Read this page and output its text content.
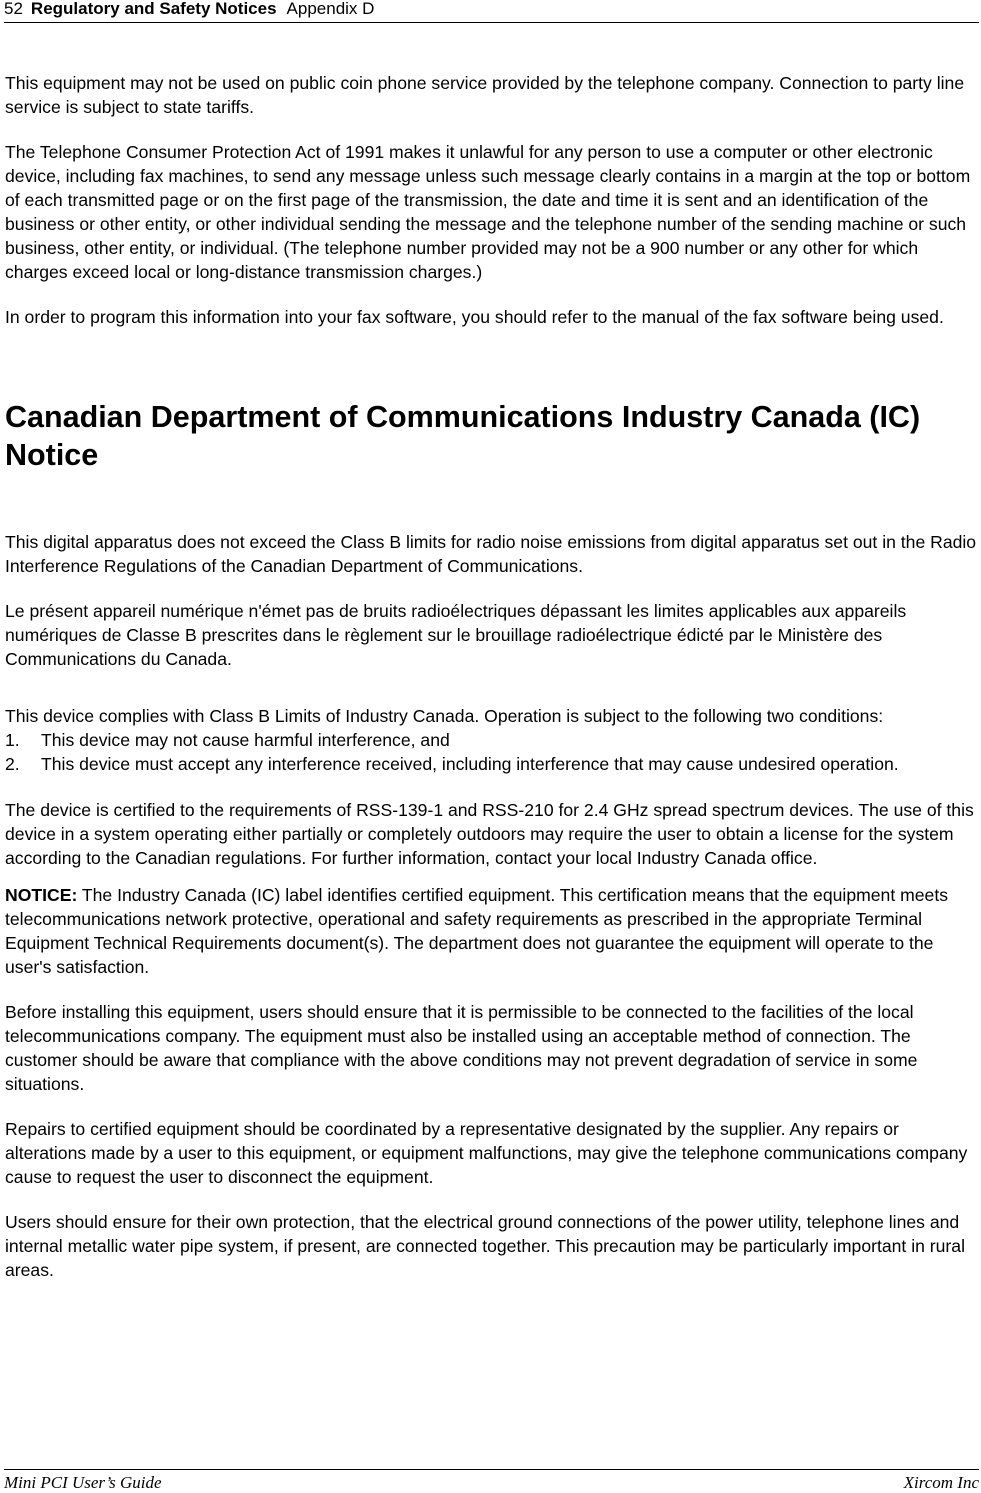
52 Regulatory and Safety Notices Appendix D

This equipment may not be used on public coin phone service provided by the telephone company. Connection to party line service is subject to state tariffs.

The Telephone Consumer Protection Act of 1991 makes it unlawful for any person to use a computer or other electronic device, including fax machines, to send any message unless such message clearly contains in a margin at the top or bottom of each transmitted page or on the first page of the transmission, the date and time it is sent and an identification of the business or other entity, or other individual sending the message and the telephone number of the sending machine or such business, other entity, or individual. (The telephone number provided may not be a 900 number or any other for which charges exceed local or long-distance transmission charges.)

In order to program this information into your fax software, you should refer to the manual of the fax software being used.

Canadian Department of Communications Industry Canada (IC) Notice

This digital apparatus does not exceed the Class B limits for radio noise emissions from digital apparatus set out in the Radio Interference Regulations of the Canadian Department of Communications.

Le présent appareil numérique n'émet pas de bruits radioélectriques dépassant les limites applicables aux appareils numériques de Classe B prescrites dans le règlement sur le brouillage radioélectrique édicté par le Ministère des Communications du Canada.

This device complies with Class B Limits of Industry Canada. Operation is subject to the following two conditions:

1. This device may not cause harmful interference, and
2. This device must accept any interference received, including interference that may cause undesired operation.

The device is certified to the requirements of RSS-139-1 and RSS-210 for 2.4 GHz spread spectrum devices. The use of this device in a system operating either partially or completely outdoors may require the user to obtain a license for the system according to the Canadian regulations. For further information, contact your local Industry Canada office.

NOTICE: The Industry Canada (IC) label identifies certified equipment. This certification means that the equipment meets telecommunications network protective, operational and safety requirements as prescribed in the appropriate Terminal Equipment Technical Requirements document(s). The department does not guarantee the equipment will operate to the user's satisfaction.

Before installing this equipment, users should ensure that it is permissible to be connected to the facilities of the local telecommunications company. The equipment must also be installed using an acceptable method of connection. The customer should be aware that compliance with the above conditions may not prevent degradation of service in some situations.

Repairs to certified equipment should be coordinated by a representative designated by the supplier. Any repairs or alterations made by a user to this equipment, or equipment malfunctions, may give the telephone communications company cause to request the user to disconnect the equipment.

Users should ensure for their own protection, that the electrical ground connections of the power utility, telephone lines and internal metallic water pipe system, if present, are connected together. This precaution may be particularly important in rural areas.

Mini PCI User’s Guide	Xircom Inc
